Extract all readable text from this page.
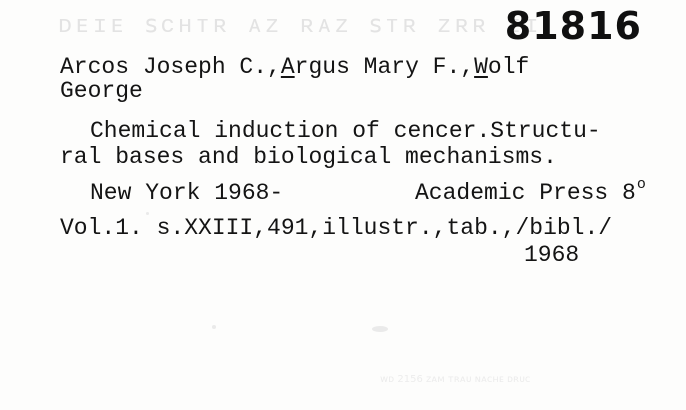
ᴅᴇɪᴇ ꜱᴄʜᴛʀ ᴀᴢ ʀᴀᴢ ꜱᴛʀ ᴢʀʀ ɪɪ
81816
Arcos Joseph C.,Argus Mary F.,Wolf
George
Chemical induction of cencer.Structu-
ral bases and biological mechanisms.
New York 1968-	Academic Press 8$^o$
Vol.1. s.XXIII,491,illustr.,tab.,/bibl./
1968
ᴡᴅ 2156 ᴢᴀᴍ ᴛʀᴀᴜ ɴᴀᴄʜᴇ ᴅʀᴜᴄ
